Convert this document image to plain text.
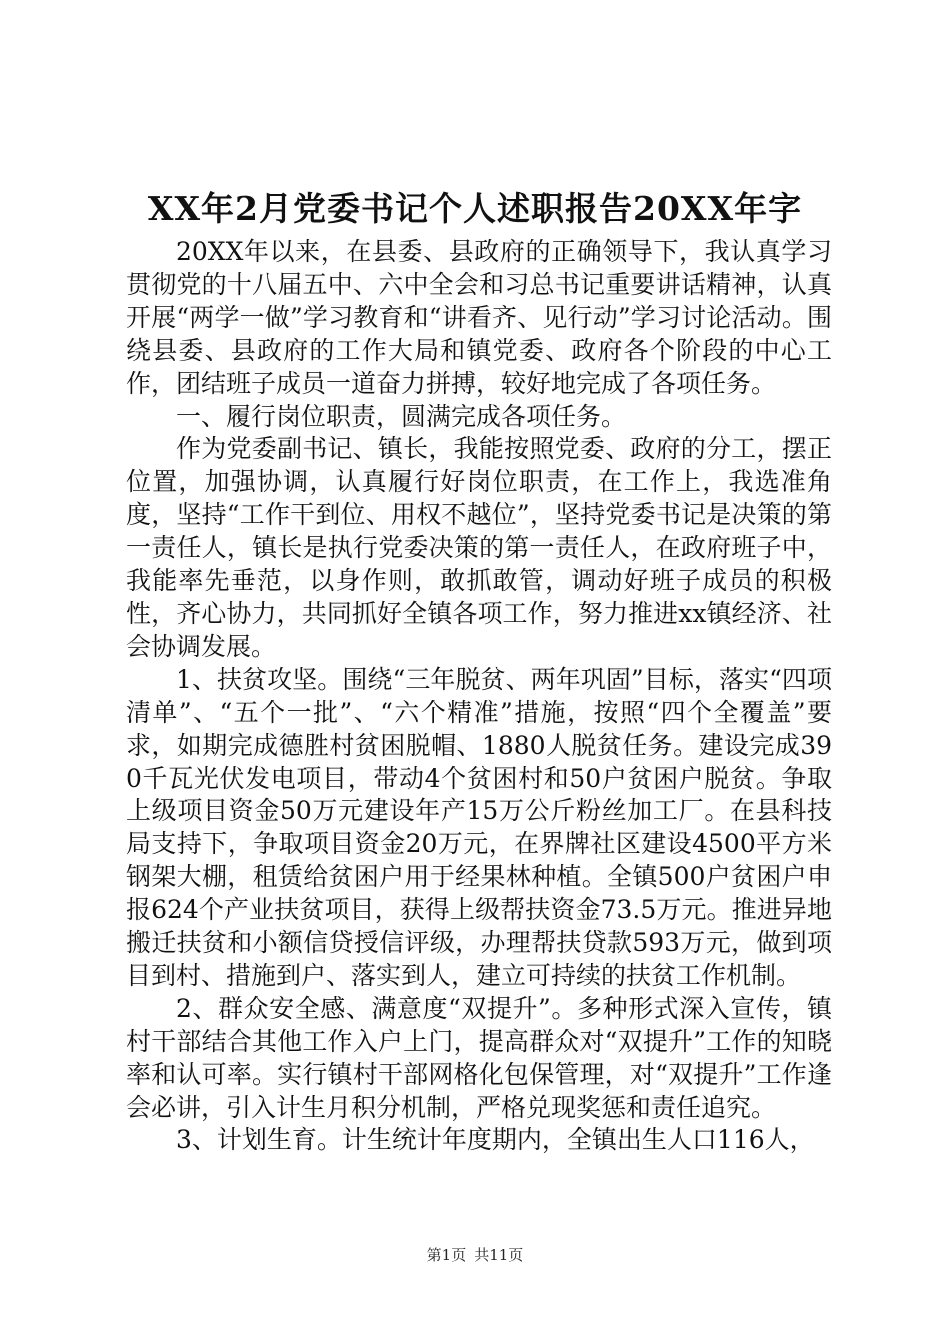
XX年2月党委书记个人述职报告20XX年字

20XX年以来，在县委、县政府的正确领导下，我认真学习贯彻党的十八届五中、六中全会和习总书记重要讲话精神，认真开展“两学一做”学习教育和“讲看齐、见行动”学习讨论活动。围绕县委、县政府的工作大局和镇党委、政府各个阶段的中心工作，团结班子成员一道奋力拼搏，较好地完成了各项任务。

一、履行岗位职责，圆满完成各项任务。

作为党委副书记、镇长，我能按照党委、政府的分工，摆正位置，加强协调，认真履行好岗位职责，在工作上，我选准角度，坚持“工作干到位、用权不越位”，坚持党委书记是决策的第一责任人，镇长是执行党委决策的第一责任人，在政府班子中，我能率先垂范，以身作则，敢抓敢管，调动好班子成员的积极性，齐心协力，共同抓好全镇各项工作，努力推进xx镇经济、社会协调发展。

1、扶贫攻坚。围绕“三年脱贫、两年巩固”目标，落实“四项清单”、“五个一批”、“六个精准”措施，按照“四个全覆盖”要求，如期完成德胜村贫困脱帽、1880人脱贫任务。建设完成390千瓦光伏发电项目，带动4个贫困村和50户贫困户脱贫。争取上级项目资金50万元建设年产15万公斤粉丝加工厂。在县科技局支持下，争取项目资金20万元，在界牌社区建设4500平方米钢架大棚，租赁给贫困户用于经果林种植。全镇500户贫困户申报624个产业扶贫项目，获得上级帮扶资金73.5万元。推进异地搬迁扶贫和小额信贷授信评级，办理帮扶贷款593万元，做到项目到村、措施到户、落实到人，建立可持续的扶贫工作机制。

2、群众安全感、满意度“双提升”。多种形式深入宣传，镇村干部结合其他工作入户上门，提高群众对“双提升”工作的知晓率和认可率。实行镇村干部网格化包保管理，对“双提升”工作逢会必讲，引入计生月积分机制，严格兑现奖惩和责任追究。

3、计划生育。计生统计年度期内，全镇出生人口116人，

第1页 共11页
